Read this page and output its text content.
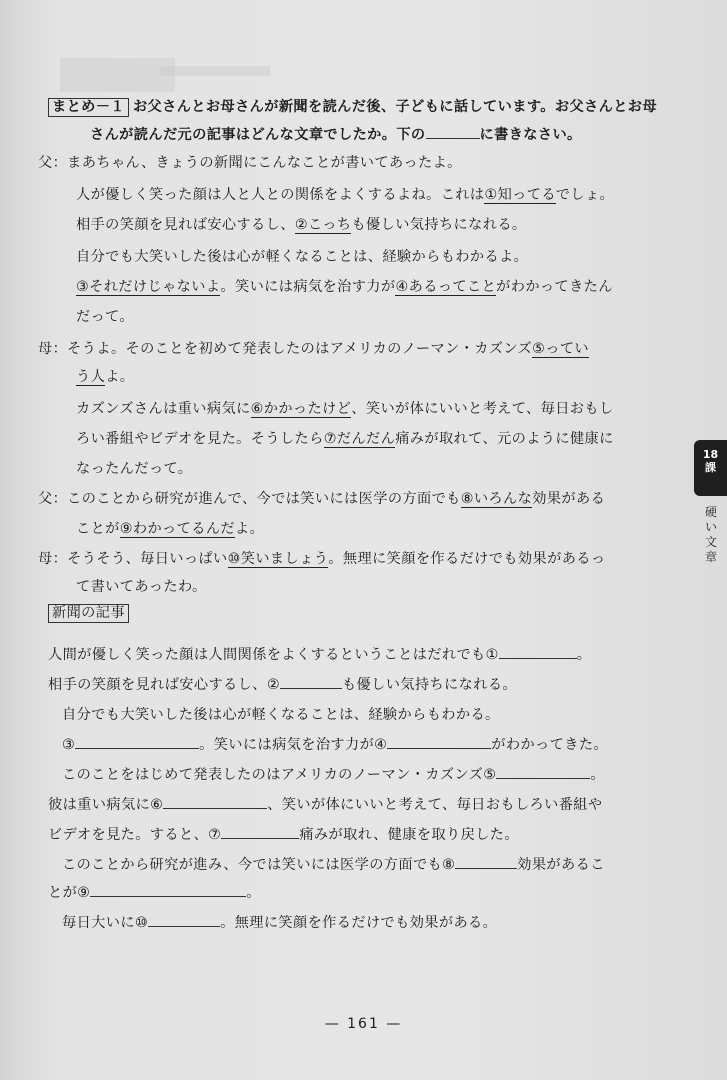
まとめ－１ お父さんとお母さんが新聞を読んだ後、子どもに話しています。お父さんとお母
さんが読んだ元の記事はどんな文章でしたか。下の	に書きなさい。
父：まあちゃん、きょうの新聞にこんなことが書いてあったよ。
人が優しく笑った顔は人と人との関係をよくするよね。これは①知ってるでしょ。
相手の笑顔を見れば安心するし、②こっちも優しい気持ちになれる。
自分でも大笑いした後は心が軽くなることは、経験からもわかるよ。
③それだけじゃないよ。笑いには病気を治す力が④あるってことがわかってきたん
だって。
母：そうよ。そのことを初めて発表したのはアメリカのノーマン・カズンズ⑤ってい
う人よ。
カズンズさんは重い病気に⑥かかったけど、笑いが体にいいと考えて、毎日おもし
ろい番組やビデオを見た。そうしたら⑦だんだん痛みが取れて、元のように健康に
なったんだって。
父：このことから研究が進んで、今では笑いには医学の方面でも⑧いろんな効果がある
ことが⑨わかってるんだよ。
母：そうそう、毎日いっぱい⑩笑いましょう。無理に笑顔を作るだけでも効果があるっ
て書いてあったわ。
新聞の記事
人間が優しく笑った顔は人間関係をよくするということはだれでも①	。
相手の笑顔を見れば安心するし、②	も優しい気持ちになれる。
自分でも大笑いした後は心が軽くなることは、経験からもわかる。
③	。笑いには病気を治す力が④	がわかってきた。
このことをはじめて発表したのはアメリカのノーマン・カズンズ⑤	。
彼は重い病気に⑥	、笑いが体にいいと考えて、毎日おもしろい番組や
ビデオを見た。すると、⑦	痛みが取れ、健康を取り戻した。
このことから研究が進み、今では笑いには医学の方面でも⑧	効果があるこ
とが⑨	。
毎日大いに⑩	。無理に笑顔を作るだけでも効果がある。
18
課
硬い文章
— 161 —
